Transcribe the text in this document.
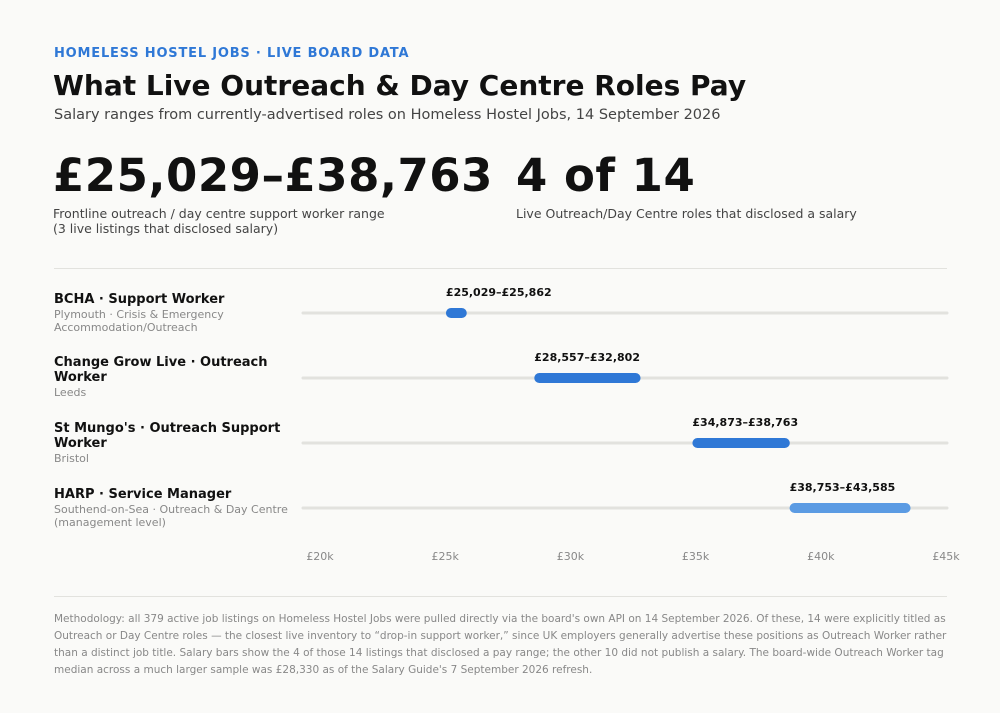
HOMELESS HOSTEL JOBS · LIVE BOARD DATA
What Live Outreach & Day Centre Roles Pay
Salary ranges from currently-advertised roles on Homeless Hostel Jobs, 14 September 2026
£25,029–£38,763
Frontline outreach / day centre support worker range
(3 live listings that disclosed salary)
4 of 14
Live Outreach/Day Centre roles that disclosed a salary
BCHA · Support Worker
Plymouth · Crisis & Emergency Accommodation/Outreach
Change Grow Live · Outreach Worker
Leeds
St Mungo's · Outreach Support Worker
Bristol
HARP · Service Manager
Southend-on-Sea · Outreach & Day Centre (management level)
£25,029–£25,862
£28,557–£32,802
£34,873–£38,763
£38,753–£43,585
£20k	£25k	£30k	£35k	£40k	£45k
Methodology: all 379 active job listings on Homeless Hostel Jobs were pulled directly via the board's own API on 14 September 2026. Of these, 14 were explicitly titled as Outreach or Day Centre roles — the closest live inventory to “drop-in support worker,” since UK employers generally advertise these positions as Outreach Worker rather than a distinct job title. Salary bars show the 4 of those 14 listings that disclosed a pay range; the other 10 did not publish a salary. The board-wide Outreach Worker tag median across a much larger sample was £28,330 as of the Salary Guide's 7 September 2026 refresh.
